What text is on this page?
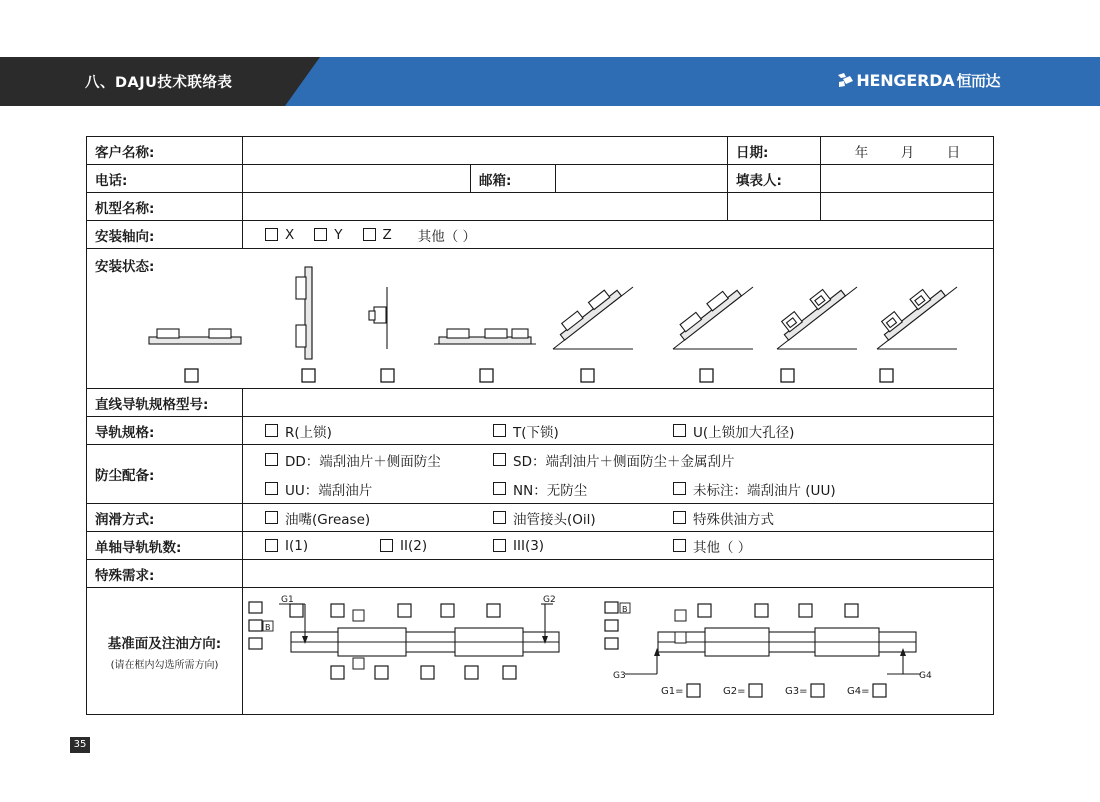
八、DAJU技术联络表	HENGERDA 恒而达
客户名称:	日期:	年 月 日
电话:	邮箱:	填表人:
机型名称:
安装轴向:	X	Y	Z 其他（ ）
安装状态:
直线导轨规格型号:
导轨规格:	R(上锁)	T(下锁)	U(上锁加大孔径)
防尘配备:
DD：端刮油片＋侧面防尘	SD：端刮油片＋侧面防尘＋金属刮片
UU：端刮油片	NN：无防尘	未标注：端刮油片 (UU)
润滑方式:	油嘴(Grease)	油管接头(Oil)	特殊供油方式
单轴导轨轨数:	I(1)	II(2)	III(3)	其他（ ）
特殊需求:
基准面及注油方向:
(请在框内勾选所需方向)
B
G1	G2
B
G3	G4
G1=	G2=	G3=	G4=
35
